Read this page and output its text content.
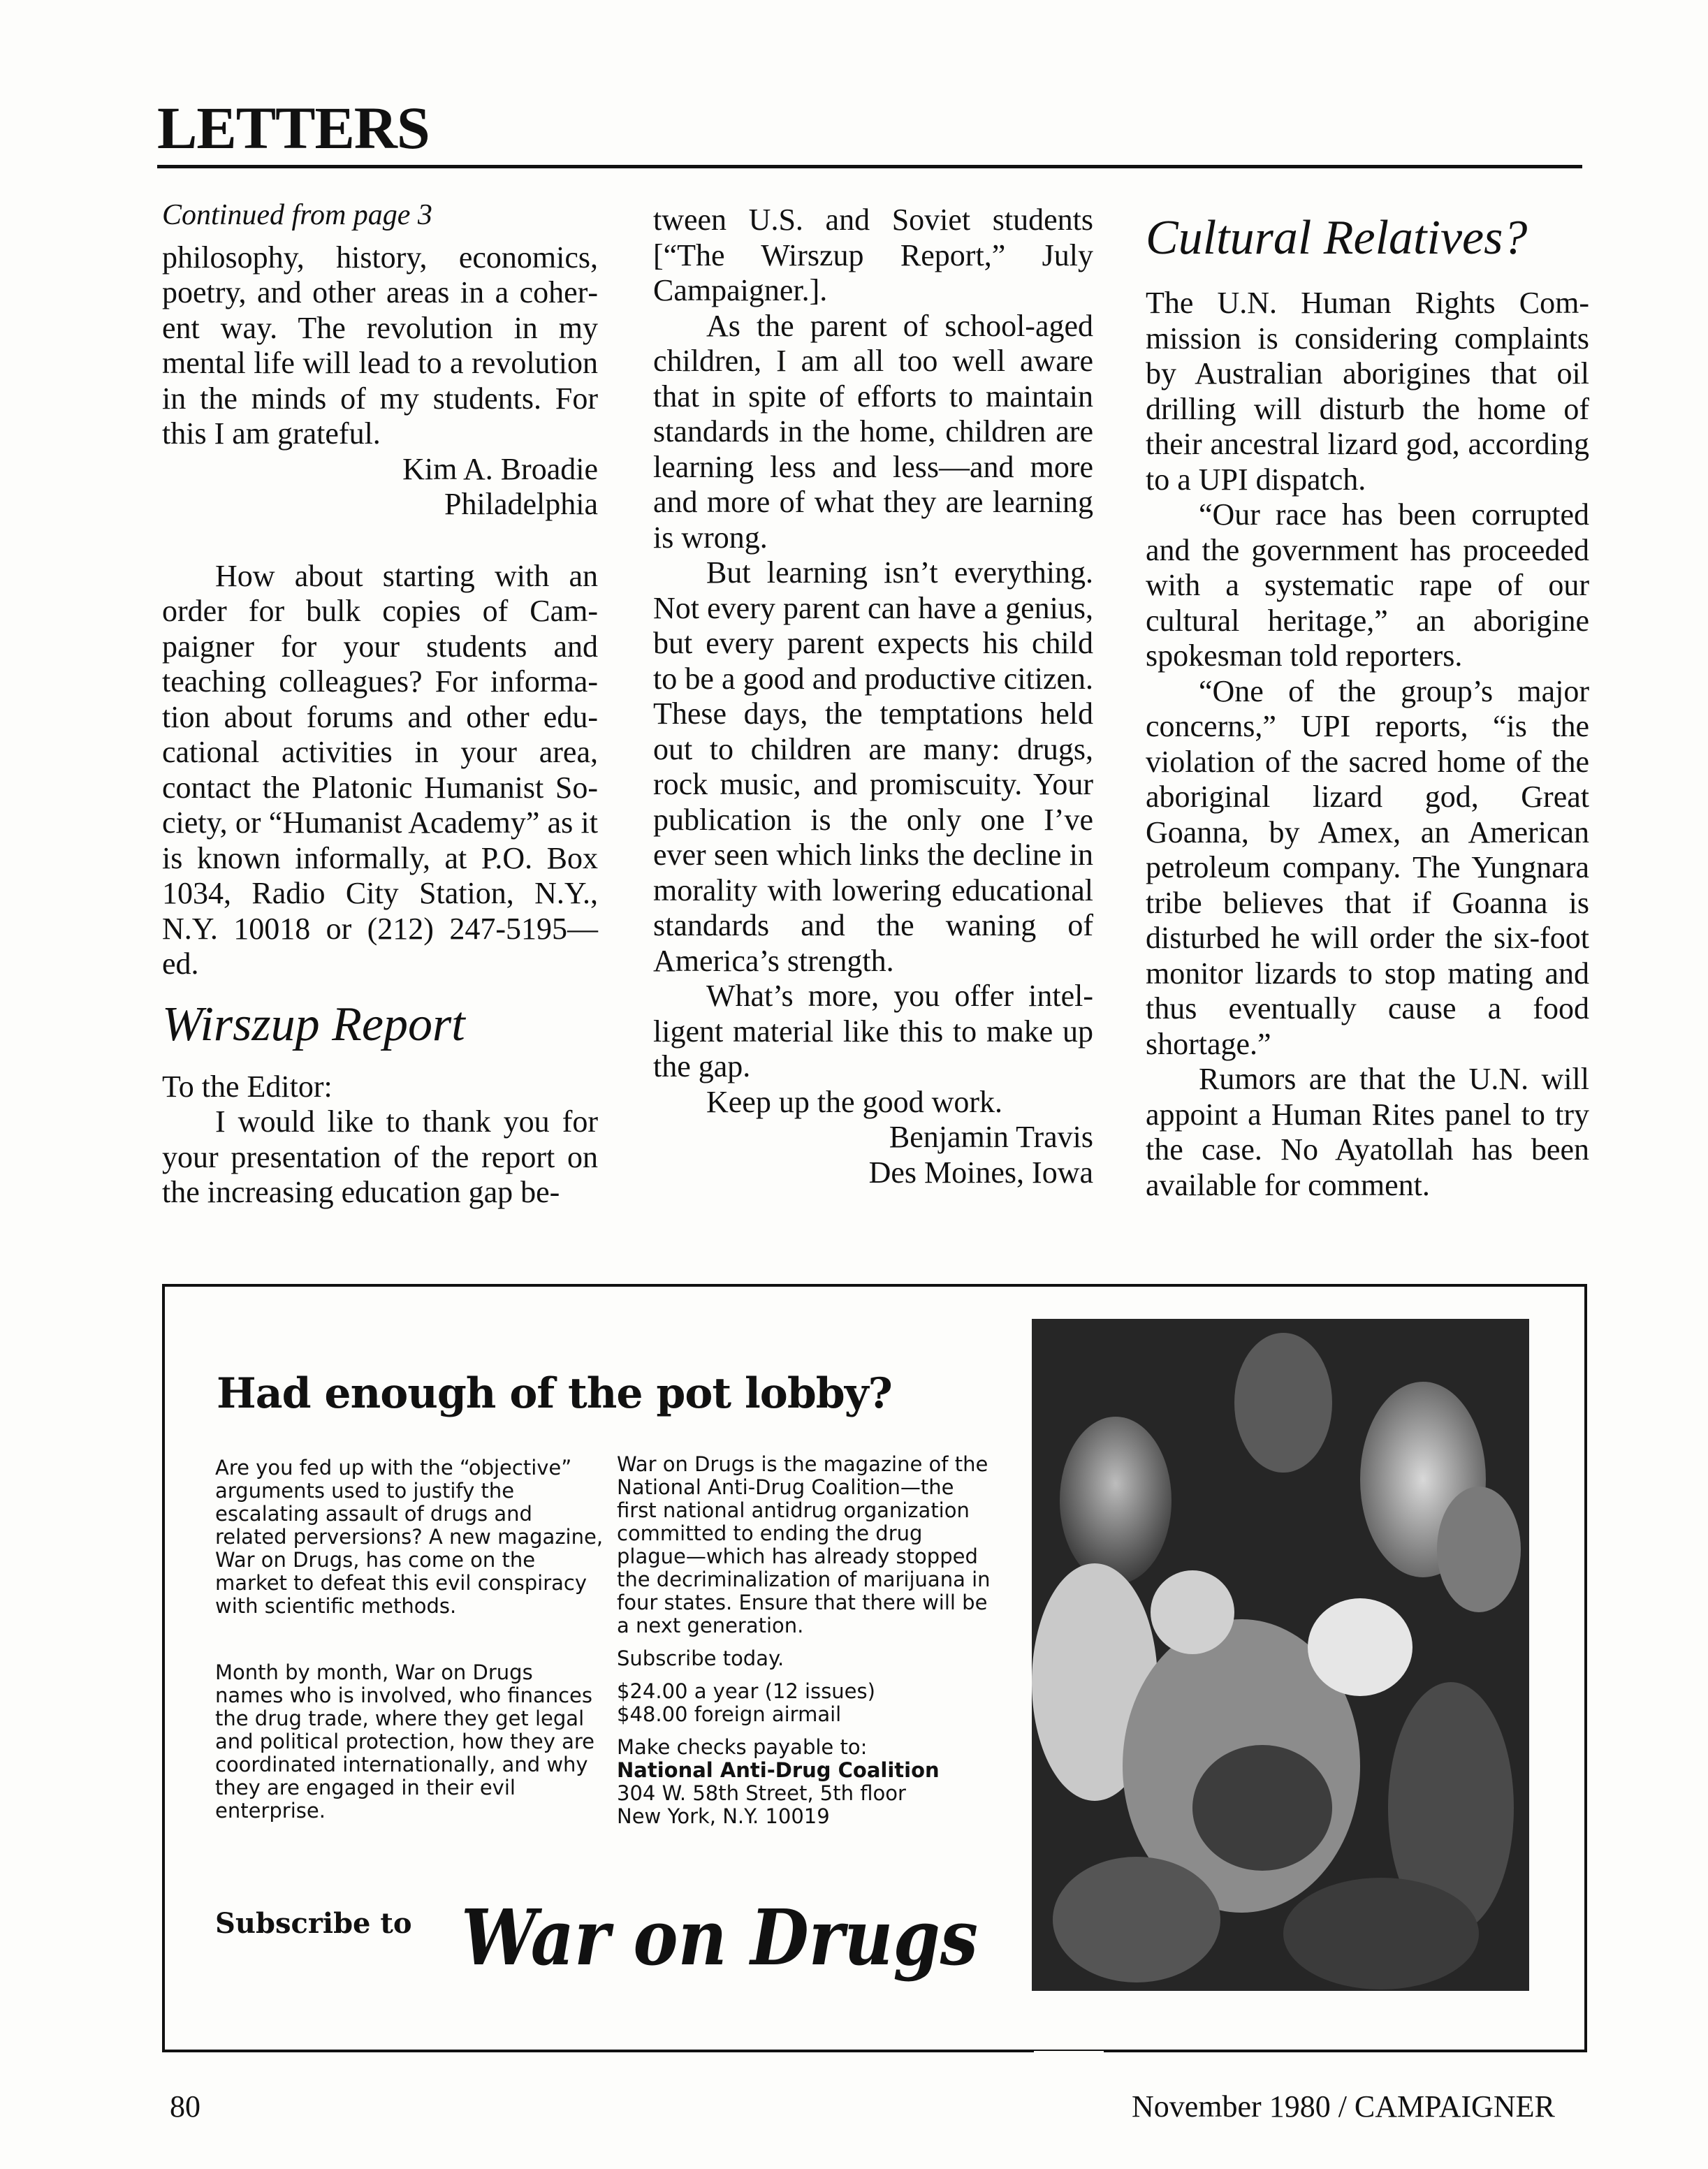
LETTERS

Continued from page 3

philosophy, history, economics, poetry, and other areas in a coherent way. The revolution in my mental life will lead to a revolution in the minds of my students. For this I am grateful.

Kim A. Broadie

Philadelphia

How about starting with an order for bulk copies of Campaigner for your students and teaching colleagues? For information about forums and other educational activities in your area, contact the Platonic Humanist Society, or “Humanist Academy” as it is known informally, at P.O. Box 1034, Radio City Station, N.Y., N.Y. 10018 or (212) 247-5195—ed.

Wirszup Report

To the Editor:

I would like to thank you for your presentation of the report on the increasing education gap be-

tween U.S. and Soviet students [“The Wirszup Report,” July Campaigner.].

As the parent of school-aged children, I am all too well aware that in spite of efforts to maintain standards in the home, children are learning less and less—and more and more of what they are learning is wrong.

But learning isn’t everything. Not every parent can have a genius, but every parent expects his child to be a good and productive citizen. These days, the temptations held out to children are many: drugs, rock music, and promiscuity. Your publication is the only one I’ve ever seen which links the decline in morality with lowering educational standards and the waning of America’s strength.

What’s more, you offer intelligent material like this to make up the gap.

Keep up the good work.

Benjamin Travis

Des Moines, Iowa

Cultural Relatives?

The U.N. Human Rights Commission is considering complaints by Australian aborigines that oil drilling will disturb the home of their ancestral lizard god, according to a UPI dispatch.

“Our race has been corrupted and the government has proceeded with a systematic rape of our cultural heritage,” an aborigine spokesman told reporters.

“One of the group’s major concerns,” UPI reports, “is the violation of the sacred home of the aboriginal lizard god, Great Goanna, by Amex, an American petroleum company. The Yungnara tribe believes that if Goanna is disturbed he will order the six-foot monitor lizards to stop mating and thus eventually cause a food shortage.”

Rumors are that the U.N. will appoint a Human Rites panel to try the case. No Ayatollah has been available for comment.

Had enough of the pot lobby?

Are you fed up with the “objective” arguments used to justify the escalating assault of drugs and related perversions? A new magazine, War on Drugs, has come on the market to defeat this evil conspiracy with scientific methods.

Month by month, War on Drugs names who is involved, who finances the drug trade, where they get legal and political protection, how they are coordinated internationally, and why they are engaged in their evil enterprise.

War on Drugs is the magazine of the National Anti-Drug Coalition—the first national antidrug organization committed to ending the drug plague—which has already stopped the decriminalization of marijuana in four states. Ensure that there will be a next generation.

Subscribe today.

$24.00 a year (12 issues)

$48.00 foreign airmail

Make checks payable to:

National Anti-Drug Coalition

304 W. 58th Street, 5th floor

New York, N.Y. 10019

Subscribe to War on Drugs
80	November 1980 / CAMPAIGNER
